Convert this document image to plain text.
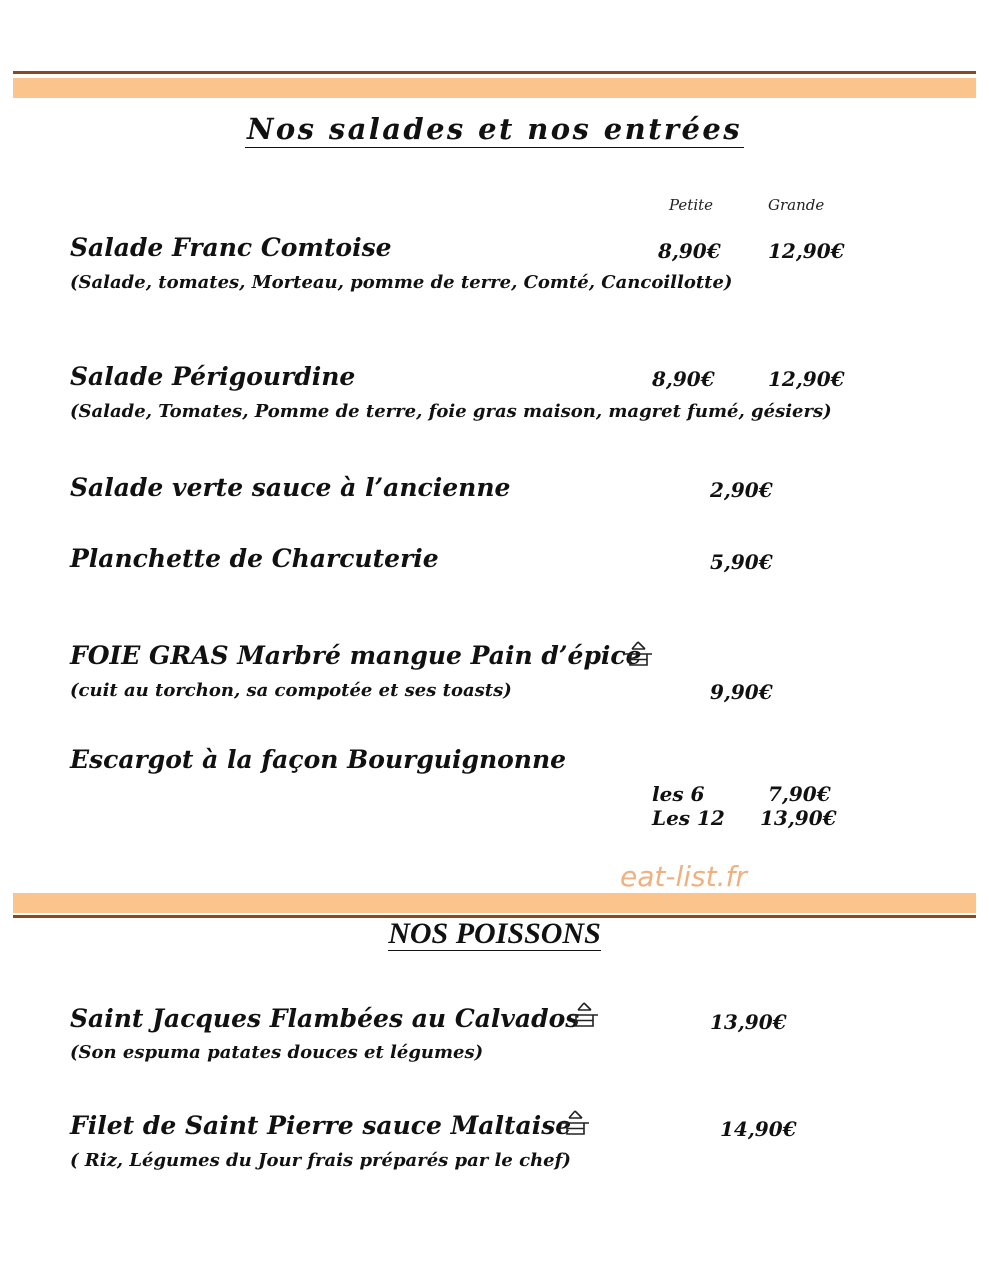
Nos salades et nos entrées
Petite	Grande
Salade Franc Comtoise	8,90€ 12,90€
(Salade, tomates, Morteau, pomme de terre, Comté, Cancoillotte)
Salade Périgourdine	8,90€	12,90€
(Salade, Tomates, Pomme de terre, foie gras maison, magret fumé, gésiers)
Salade verte sauce à l’ancienne	2,90€
Planchette de Charcuterie	5,90€
FOIE GRAS Marbré mangue Pain d’épice
(cuit au torchon, sa compotée et ses toasts)	9,90€
Escargot à la façon Bourguignonne
les 6	7,90€
Les 12 13,90€
eat-list.fr
NOS POISSONS
Saint Jacques Flambées au Calvados	13,90€
(Son espuma patates douces et légumes)
Filet de Saint Pierre sauce Maltaise	14,90€
( Riz, Légumes du Jour frais préparés par le chef)
